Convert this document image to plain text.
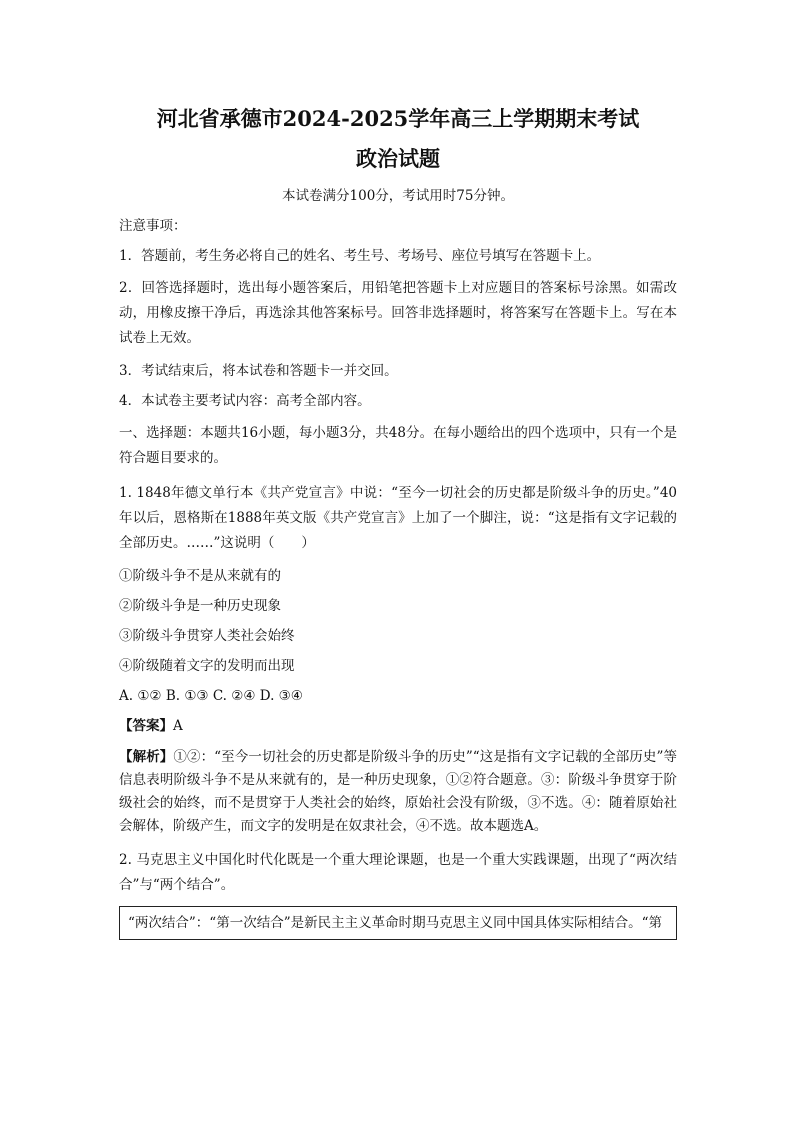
河北省承德市2024-2025学年高三上学期期末考试
政治试题
本试卷满分100分，考试用时75分钟。
注意事项：
1．答题前，考生务必将自己的姓名、考生号、考场号、座位号填写在答题卡上。
2．回答选择题时，选出每小题答案后，用铅笔把答题卡上对应题目的答案标号涂黑。如需改动，用橡皮擦干净后，再选涂其他答案标号。回答非选择题时，将答案写在答题卡上。写在本试卷上无效。
3．考试结束后，将本试卷和答题卡一并交回。
4．本试卷主要考试内容：高考全部内容。
一、选择题：本题共16小题，每小题3分，共48分。在每小题给出的四个选项中，只有一个是符合题目要求的。
1. 1848年德文单行本《共产党宣言》中说：“至今一切社会的历史都是阶级斗争的历史。”40年以后，恩格斯在1888年英文版《共产党宣言》上加了一个脚注，说：“这是指有文字记载的全部历史。……”这说明（　　）
①阶级斗争不是从来就有的
②阶级斗争是一种历史现象
③阶级斗争贯穿人类社会始终
④阶级随着文字的发明而出现
A. ①② B. ①③ C. ②④ D. ③④
【答案】A
【解析】①②：“至今一切社会的历史都是阶级斗争的历史”“这是指有文字记载的全部历史”等信息表明阶级斗争不是从来就有的，是一种历史现象，①②符合题意。③：阶级斗争贯穿于阶级社会的始终，而不是贯穿于人类社会的始终，原始社会没有阶级，③不选。④：随着原始社会解体，阶级产生，而文字的发明是在奴隶社会，④不选。故本题选A。
2. 马克思主义中国化时代化既是一个重大理论课题，也是一个重大实践课题，出现了“两次结合”与“两个结合”。
“两次结合”：“第一次结合”是新民主主义革命时期马克思主义同中国具体实际相结合。“第
